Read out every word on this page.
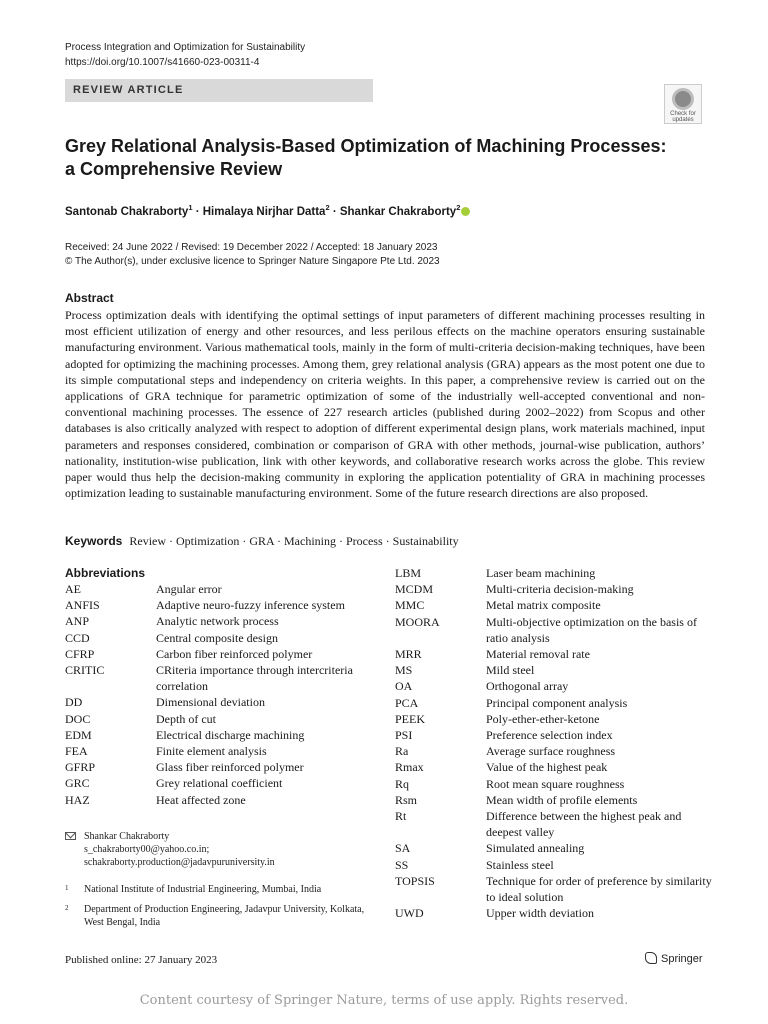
Process Integration and Optimization for Sustainability
https://doi.org/10.1007/s41660-023-00311-4
REVIEW ARTICLE
Check for
updates
Grey Relational Analysis-Based Optimization of Machining Processes:
a Comprehensive Review
Santonab Chakraborty$^1$ · Himalaya Nirjhar Datta$^2$ · Shankar Chakraborty$^2$
Received: 24 June 2022 / Revised: 19 December 2022 / Accepted: 18 January 2023
© The Author(s), under exclusive licence to Springer Nature Singapore Pte Ltd. 2023
Abstract
Process optimization deals with identifying the optimal settings of input parameters of different machining processes resulting in most efficient utilization of energy and other resources, and less perilous effects on the machine operators ensuring sustainable manufacturing environment. Various mathematical tools, mainly in the form of multi-criteria decision-making techniques, have been adopted for optimizing the machining processes. Among them, grey relational analysis (GRA) appears as the most potent one due to its simple computational steps and independency on criteria weights. In this paper, a comprehensive review is carried out on the applications of GRA technique for parametric optimization of some of the industrially well-accepted conventional and non-conventional machining processes. The essence of 227 research articles (published during 2002–2022) from Scopus and other databases is also critically analyzed with respect to adoption of different experimental design plans, work materials machined, input parameters and responses considered, combination or comparison of GRA with other methods, journal-wise publication, authors’ nationality, institution-wise publication, link with other keywords, and collaborative research works across the globe. This review paper would thus help the decision-making community in exploring the application potentiality of GRA in machining processes optimization leading to sustainable manufacturing environment. Some of the future research directions are also proposed.
Keywords Review · Optimization · GRA · Machining · Process · Sustainability
Abbreviations
AE	Angular error
ANFIS	Adaptive neuro-fuzzy inference system
ANP	Analytic network process
CCD	Central composite design
CFRP	Carbon fiber reinforced polymer
CRITIC	CRiteria importance through intercriteria correlation
DD	Dimensional deviation
DOC	Depth of cut
EDM	Electrical discharge machining
FEA	Finite element analysis
GFRP	Glass fiber reinforced polymer
GRC	Grey relational coefficient
HAZ	Heat affected zone
LBM	Laser beam machining
MCDM	Multi-criteria decision-making
MMC	Metal matrix composite
MOORA	Multi-objective optimization on the basis of ratio analysis
MRR	Material removal rate
MS	Mild steel
OA	Orthogonal array
PCA	Principal component analysis
PEEK	Poly-ether-ether-ketone
PSI	Preference selection index
Ra	Average surface roughness
Rmax	Value of the highest peak
Rq	Root mean square roughness
Rsm	Mean width of profile elements
Rt	Difference between the highest peak and deepest valley
SA	Simulated annealing
SS	Stainless steel
TOPSIS	Technique for order of preference by similarity to ideal solution
UWD	Upper width deviation
Shankar Chakraborty
s_chakraborty00@yahoo.co.in;
schakraborty.production@jadavpuruniversity.in
1	National Institute of Industrial Engineering, Mumbai, India
2	Department of Production Engineering, Jadavpur University, Kolkata, West Bengal, India
Published online: 27 January 2023	Springer
Content courtesy of Springer Nature, terms of use apply. Rights reserved.
